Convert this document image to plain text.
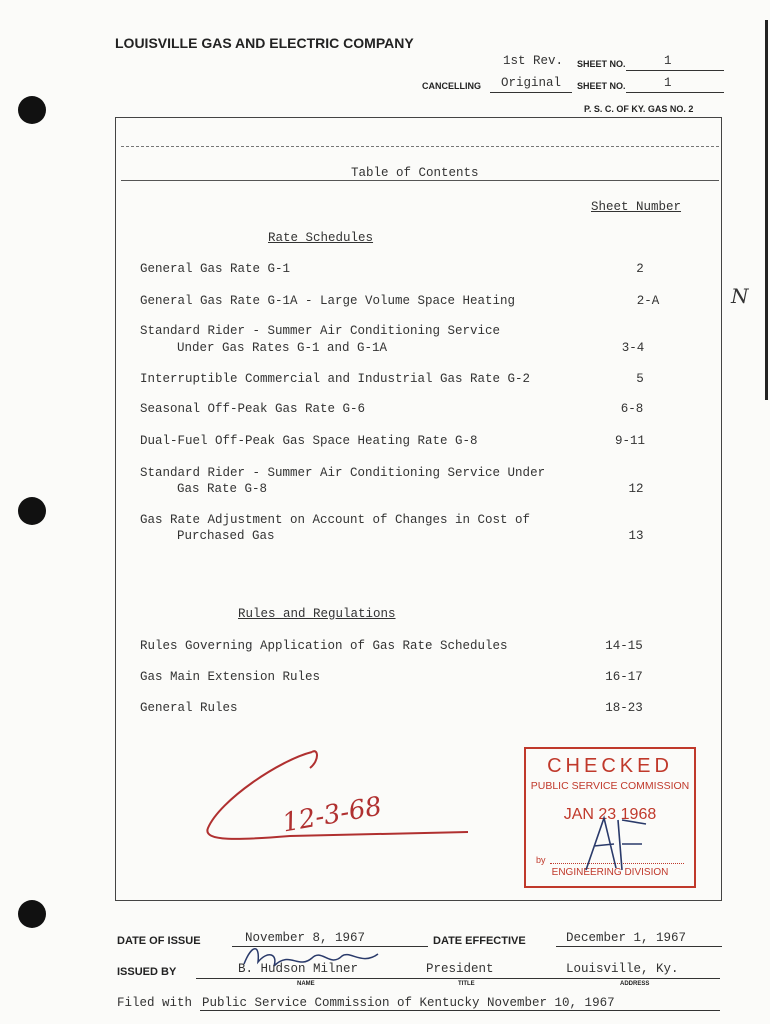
LOUISVILLE GAS AND ELECTRIC COMPANY
1st Rev. SHEET NO.	1
CANCELLING Original SHEET NO.	1
P. S. C. OF KY. GAS NO. 2
Table of Contents
Sheet Number
Rate Schedules
General Gas Rate G-1	2
General Gas Rate G-1A - Large Volume Space Heating	2-A
Standard Rider - Summer Air Conditioning Service
Under Gas Rates G-1 and G-1A	3-4
Interruptible Commercial and Industrial Gas Rate G-2	5
Seasonal Off-Peak Gas Rate G-6	6-8
Dual-Fuel Off-Peak Gas Space Heating Rate G-8	9-11
Standard Rider - Summer Air Conditioning Service Under
Gas Rate G-8	12
Gas Rate Adjustment on Account of Changes in Cost of
Purchased Gas	13
Rules and Regulations
Rules Governing Application of Gas Rate Schedules	14-15
Gas Main Extension Rules	16-17
General Rules	18-23
N
12-3-68
CHECKED
PUBLIC SERVICE COMMISSION
JAN 23 1968
by
ENGINEERING DIVISION
DATE OF ISSUE	November 8, 1967	DATE EFFECTIVE	December 1, 1967
ISSUED BY	B. Hudson Milner	President	Louisville, Ky.
NAME	TITLE	ADDRESS
Filed with Public Service Commission of Kentucky November 10, 1967
